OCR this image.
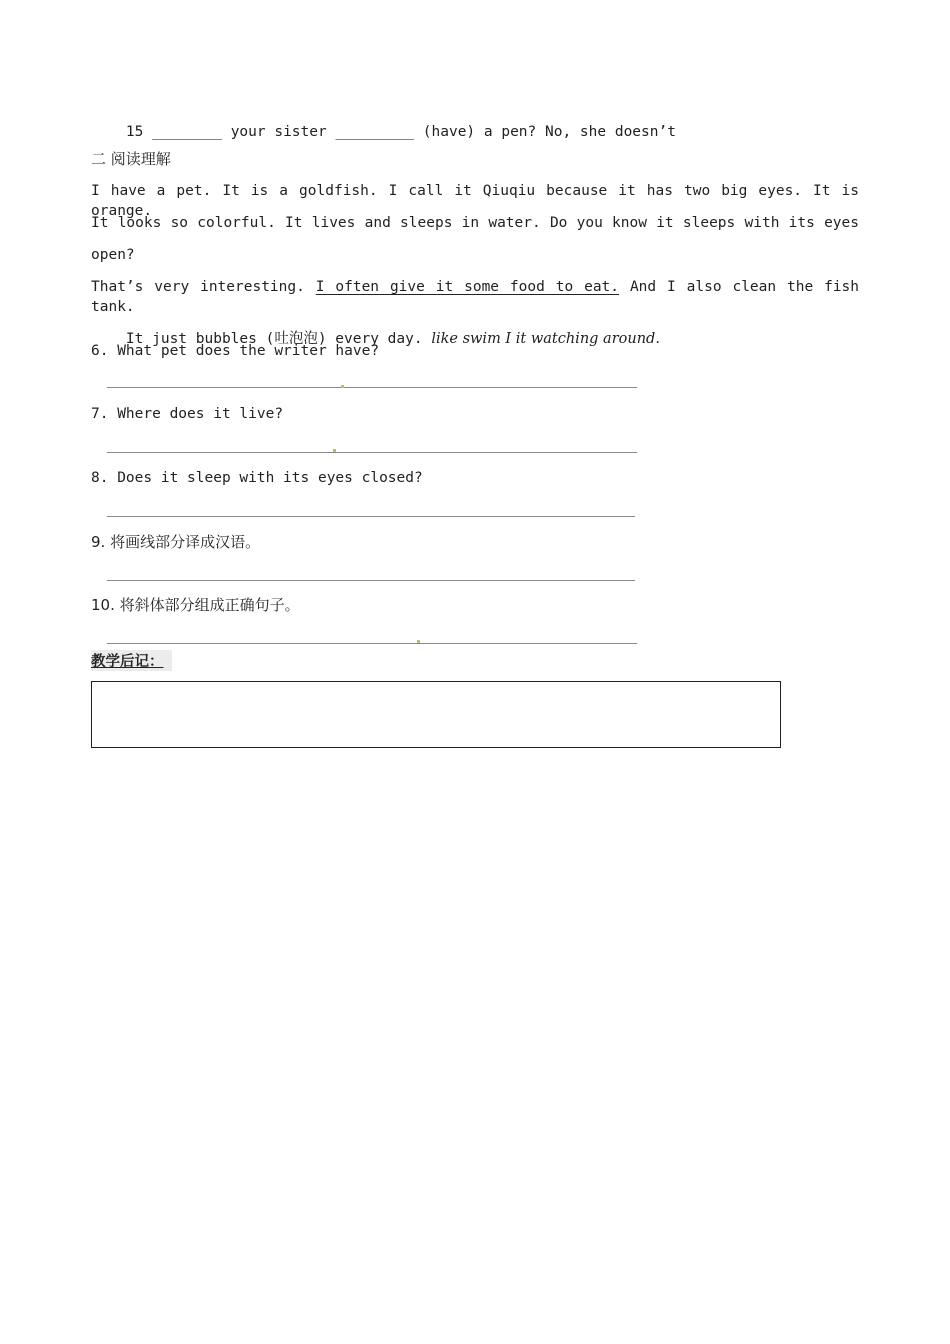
15 ________ your sister _________ (have) a pen? No, she doesn’t

二 阅读理解
I have a pet. It is a goldfish. I call it Qiuqiu because it has two big eyes. It is orange.
It looks so colorful. It lives and sleeps in water. Do you know it sleeps with its eyes
open?
That’s very interesting. I often give it some food to eat. And I also clean the fish tank.

It just bubbles (吐泡泡) every day. like swim I it watching around.

6. What pet does the writer have?
7. Where does it live?
8. Does it sleep with its eyes closed?
9. 将画线部分译成汉语。
10. 将斜体部分组成正确句子。
教学后记：
